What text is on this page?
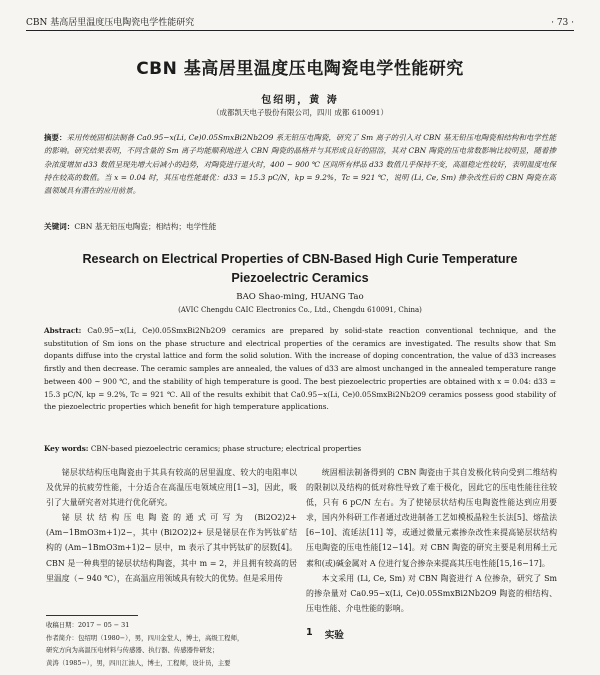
CBN 基高居里温度压电陶瓷电学性能研究	· 73 ·
CBN 基高居里温度压电陶瓷电学性能研究
包绍明，黄 涛
（成都凯天电子股份有限公司，四川 成都 610091）
摘要：采用传统固相法制备 Ca0.95−x(Li, Ce)0.05SmxBi2Nb2O9 系无铅压电陶瓷，研究了 Sm 离子的引入对 CBN 基无铅压电陶瓷相结构和电学性能的影响。研究结果表明，不同含量的 Sm 离子均能顺利地进入 CBN 陶瓷的晶格并与其形成良好的固溶，其对 CBN 陶瓷的压电常数影响比较明显，随着掺杂浓度增加 d33 数值呈现先增大后减小的趋势，对陶瓷进行退火时，400 ~ 900 ℃ 区间所有样品 d33 数值几乎保持不变，高温稳定性较好，表明温度电保持在较高的数值。当 x = 0.04 时，其压电性能最优：d33 = 15.3 pC/N，kp = 9.2%，Tc = 921 ℃，说明 (Li, Ce, Sm) 掺杂改性后的 CBN 陶瓷在高温领域具有潜在的应用前景。
关键词：CBN 基无铅压电陶瓷；相结构；电学性能
Research on Electrical Properties of CBN-Based High Curie Temperature Piezoelectric Ceramics
BAO Shao-ming, HUANG Tao
(AVIC Chengdu CAIC Electronics Co., Ltd., Chengdu 610091, China)
Abstract: Ca0.95−x(Li, Ce)0.05SmxBi2Nb2O9 ceramics are prepared by solid-state reaction conventional technique, and the substitution of Sm ions on the phase structure and electrical properties of the ceramics are investigated. The results show that Sm dopants diffuse into the crystal lattice and form the solid solution. With the increase of doping concentration, the value of d33 increases firstly and then decrease. The ceramic samples are annealed, the values of d33 are almost unchanged in the annealed temperature range between 400 ~ 900 ℃, and the stability of high temperature is good. The best piezoelectric properties are obtained with x = 0.04: d33 = 15.3 pC/N, kp = 9.2%, Tc = 921 ℃. All of the results exhibit that Ca0.95−x(Li, Ce)0.05SmxBi2Nb2O9 ceramics possess good stability of the piezoelectric properties which benefit for high temperature applications.
Key words: CBN-based piezoelectric ceramics; phase structure; electrical properties

铋层状结构压电陶瓷由于其具有较高的居里温度、较大的电阻率以及优异的抗疲劳性能，十分适合在高温压电领域应用[1−3]，因此，吸引了大量研究者对其进行优化研究。

铋层状结构压电陶瓷的通式可写为 (Bi2O2)2+(Am−1BmO3m+1)2−，其中 (Bi2O2)2+ 层是铋层在作为钙钛矿结构的 (Am−1BmO3m+1)2− 层中，m 表示了其中钙钛矿的层数[4]。CBN 是一种典型的铋层状结构陶瓷，其中 m = 2，并且拥有较高的居里温度（~ 940 ℃），在高温应用领域具有较大的优势。但是采用传

统固相法制备得到的 CBN 陶瓷由于其自发极化转向受到二维结构的限制以及结构的低对称性导致了难于极化，因此它的压电性能往往较低，只有 6 pC/N 左右。为了使铋层状结构压电陶瓷性能达到应用要求，国内外科研工作者通过改进制备工艺如模板晶粒生长法[5]、熔盐法[6−10]、流延法[11] 等，或通过微量元素掺杂改性来提高铋层状结构压电陶瓷的压电性能[12−14]。对 CBN 陶瓷的研究主要是利用稀土元素和(或)碱金属对 A 位进行复合掺杂来提高其压电性能[15,16−17]。

本文采用 (Li, Ce, Sm) 对 CBN 陶瓷进行 A 位掺杂，研究了 Sm 的掺杂量对 Ca0.95−x(Li, Ce)0.05SmxBi2Nb2O9 陶瓷的相结构、压电性能、介电性能的影响。

1 实验
收稿日期：2017 − 05 − 31
作者简介：包绍明（1980−），男，四川金堂人，博士，高级工程师，
研究方向为高温压电材料与传感器、执行器、传感器件研发；
黄涛（1985−），男，四川江油人，博士，工程师，设计员，主要
